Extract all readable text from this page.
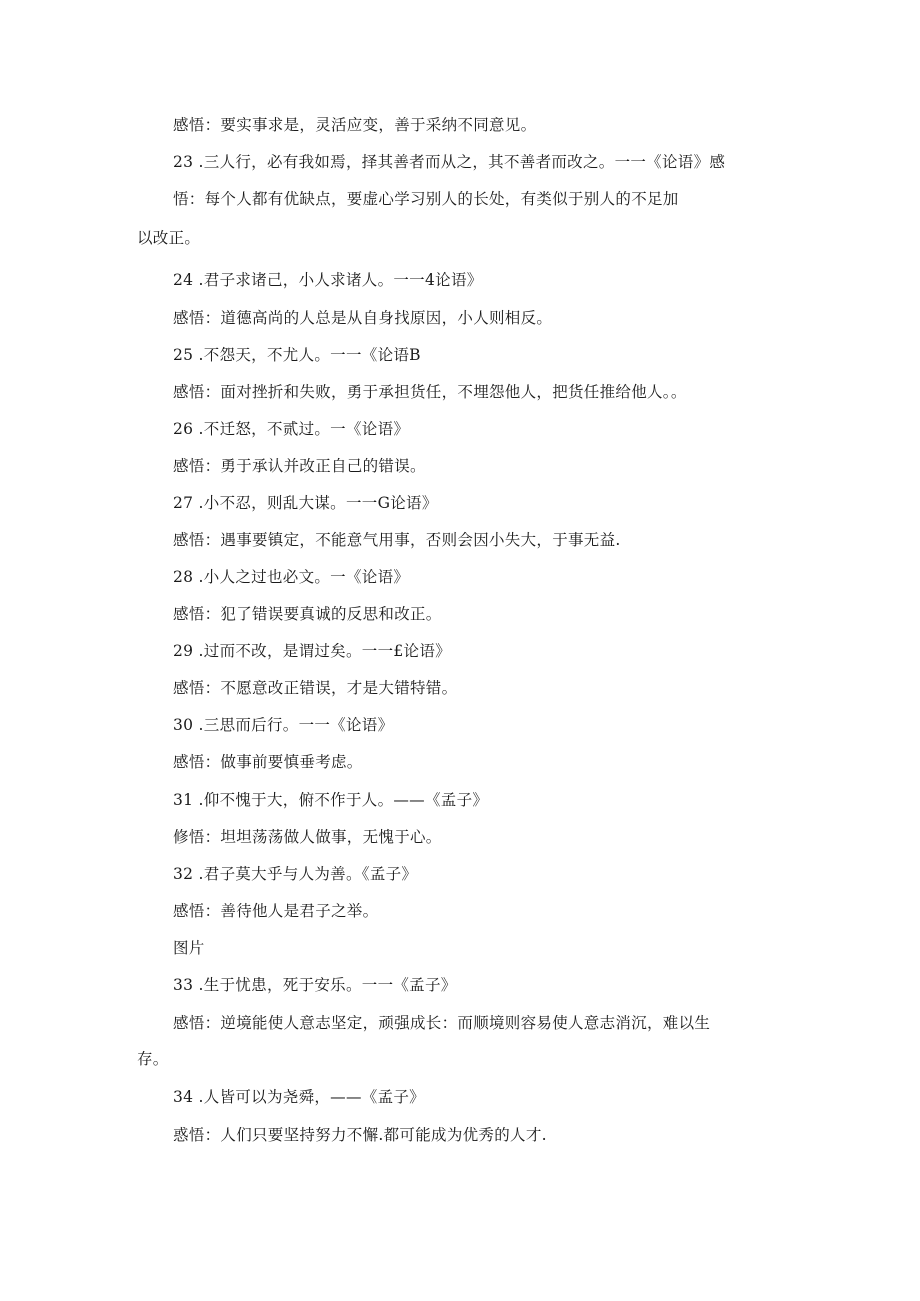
感悟：要实事求是，灵活应变，善于采纳不同意见。
23 .三人行，必有我如焉，择其善者而从之，其不善者而改之。一一《论语》感
悟：每个人都有优缺点，要虚心学习别人的长处，有类似于别人的不足加
以改正。
24 .君子求诸己，小人求诸人。一一4论语》
感悟：道德高尚的人总是从自身找原因，小人则相反。
25 .不怨天，不尤人。一一《论语B
感悟：面对挫折和失败，勇于承担货任，不埋怨他人，把货任推给他人。。
26 .不迁怒，不贰过。一《论语》
感悟：勇于承认并改正自己的错误。
27 .小不忍，则乱大谋。一一G论语》
感悟：遇事要镇定，不能意气用事，否则会因小失大，于事无益.
28 .小人之过也必文。一《论语》
感悟：犯了错误要真诚的反思和改正。
29 .过而不改，是谓过矣。一一£论语》
感悟：不愿意改正错误，才是大错特错。
30 .三思而后行。一一《论语》
感悟：做事前要慎垂考虑。
31 .仰不愧于大，俯不作于人。——《孟子》
修悟：坦坦荡荡做人做事，无愧于心。
32 .君子莫大乎与人为善。《孟子》
感悟：善待他人是君子之举。
图片
33 .生于忧患，死于安乐。一一《孟子》
感悟：逆境能使人意志坚定，顽强成长：而顺境则容易使人意志消沉，难以生
存。
34 .人皆可以为尧舜，——《孟子》
惑悟：人们只要坚持努力不懈.都可能成为优秀的人才.
